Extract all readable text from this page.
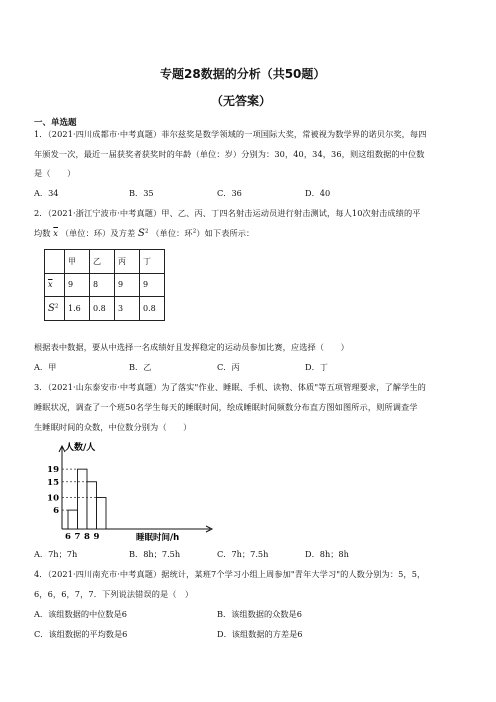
专题28数据的分析（共50题）
（无答案）
一、单选题
1．（2021·四川成都市·中考真题）菲尔兹奖是数学领域的一项国际大奖，常被视为数学界的诺贝尔奖，每四
年颁发一次，最近一届获奖者获奖时的年龄（单位：岁）分别为：30，40，34，36，则这组数据的中位数
是（　　）
A．34	B．35	C．36	D．40
2．（2021·浙江宁波市·中考真题）甲、乙、丙、丁四名射击运动员进行射击测试，每人10次射击成绩的平
均数 $\overline{x}$ （单位：环）及方差 $S^2$ （单位：环$^2$）如下表所示：
	甲	乙	丙	丁
$\overline{x}$	9	8	9	9
$S^2$	1.6	0.8	3	0.8
根据表中数据，要从中选择一名成绩好且发挥稳定的运动员参加比赛，应选择（　　）
A．甲	B．乙	C．丙	D．丁
3．（2021·山东泰安市·中考真题）为了落实"作业、睡眠、手机、读物、体质"等五项管理要求，了解学生的
睡眠状况，调查了一个班50名学生每天的睡眠时间，绘成睡眠时间频数分布直方图如图所示，则所调查学
生睡眠时间的众数，中位数分别为（　　）
人数/人
睡眠时间/h
6
10
15
19
6 7 8 9
A．7h；7h	B．8h；7.5h	C．7h；7.5h	D．8h；8h
4．（2021·四川南充市·中考真题）据统计，某班7个学习小组上周参加"青年大学习"的人数分别为：5，5，
6，6，6，7，7．下列说法错误的是（　）
A．该组数据的中位数是6	B．该组数据的众数是6
C．该组数据的平均数是6	D．该组数据的方差是6
